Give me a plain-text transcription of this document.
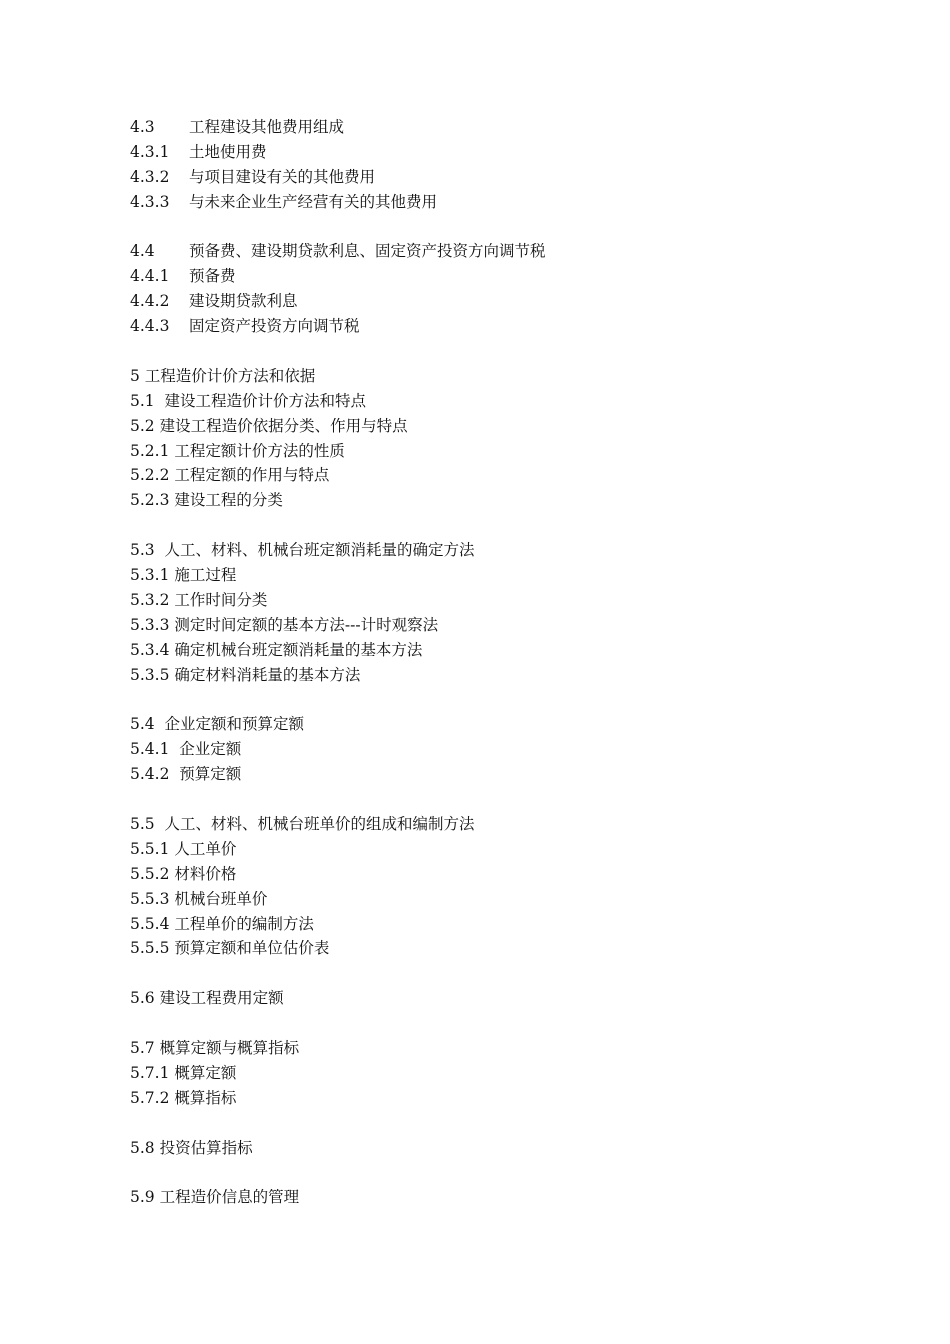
4.3 工程建设其他费用组成
4.3.1 土地使用费
4.3.2 与项目建设有关的其他费用
4.3.3 与未来企业生产经营有关的其他费用
4.4 预备费、建设期贷款利息、固定资产投资方向调节税
4.4.1 预备费
4.4.2 建设期贷款利息
4.4.3 固定资产投资方向调节税
5 工程造价计价方法和依据
5.1  建设工程造价计价方法和特点
5.2 建设工程造价依据分类、作用与特点
5.2.1 工程定额计价方法的性质
5.2.2 工程定额的作用与特点
5.2.3 建设工程的分类
5.3  人工、材料、机械台班定额消耗量的确定方法
5.3.1 施工过程
5.3.2 工作时间分类
5.3.3 测定时间定额的基本方法---计时观察法
5.3.4 确定机械台班定额消耗量的基本方法
5.3.5 确定材料消耗量的基本方法
5.4  企业定额和预算定额
5.4.1  企业定额
5.4.2  预算定额
5.5  人工、材料、机械台班单价的组成和编制方法
5.5.1 人工单价
5.5.2 材料价格
5.5.3 机械台班单价
5.5.4 工程单价的编制方法
5.5.5 预算定额和单位估价表
5.6 建设工程费用定额
5.7 概算定额与概算指标
5.7.1 概算定额
5.7.2 概算指标
5.8 投资估算指标
5.9 工程造价信息的管理
